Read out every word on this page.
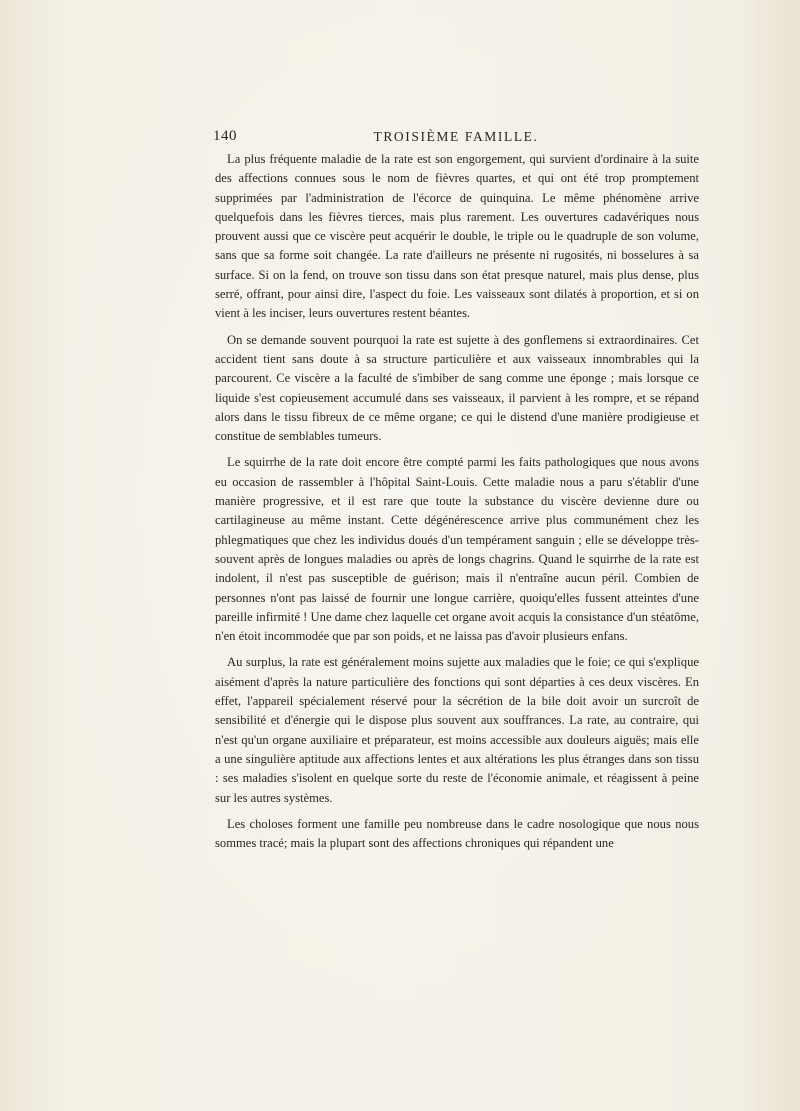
140	TROISIÈME FAMILLE.

La plus fréquente maladie de la rate est son engorgement, qui survient d'ordinaire à la suite des affections connues sous le nom de fièvres quartes, et qui ont été trop promptement supprimées par l'administration de l'écorce de quinquina. Le même phénomène arrive quelquefois dans les fièvres tierces, mais plus rarement. Les ouvertures cadavériques nous prouvent aussi que ce viscère peut acquérir le double, le triple ou le quadruple de son volume, sans que sa forme soit changée. La rate d'ailleurs ne présente ni rugosités, ni bosselures à sa surface. Si on la fend, on trouve son tissu dans son état presque naturel, mais plus dense, plus serré, offrant, pour ainsi dire, l'aspect du foie. Les vaisseaux sont dilatés à proportion, et si on vient à les inciser, leurs ouvertures restent béantes.

On se demande souvent pourquoi la rate est sujette à des gonflemens si extraordinaires. Cet accident tient sans doute à sa structure particulière et aux vaisseaux innombrables qui la parcourent. Ce viscère a la faculté de s'imbiber de sang comme une éponge ; mais lorsque ce liquide s'est copieusement accumulé dans ses vaisseaux, il parvient à les rompre, et se répand alors dans le tissu fibreux de ce même organe; ce qui le distend d'une manière prodigieuse et constitue de semblables tumeurs.

Le squirrhe de la rate doit encore être compté parmi les faits pathologiques que nous avons eu occasion de rassembler à l'hôpital Saint-Louis. Cette maladie nous a paru s'établir d'une manière progressive, et il est rare que toute la substance du viscère devienne dure ou cartilagineuse au même instant. Cette dégénérescence arrive plus communément chez les phlegmatiques que chez les individus doués d'un tempérament sanguin ; elle se développe très-souvent après de longues maladies ou après de longs chagrins. Quand le squirrhe de la rate est indolent, il n'est pas susceptible de guérison; mais il n'entraîne aucun péril. Combien de personnes n'ont pas laissé de fournir une longue carrière, quoiqu'elles fussent atteintes d'une pareille infirmité ! Une dame chez laquelle cet organe avoit acquis la consistance d'un stéatôme, n'en étoit incommodée que par son poids, et ne laissa pas d'avoir plusieurs enfans.

Au surplus, la rate est généralement moins sujette aux maladies que le foie; ce qui s'explique aisément d'après la nature particulière des fonctions qui sont départies à ces deux viscères. En effet, l'appareil spécialement réservé pour la sécrétion de la bile doit avoir un surcroît de sensibilité et d'énergie qui le dispose plus souvent aux souffrances. La rate, au contraire, qui n'est qu'un organe auxiliaire et préparateur, est moins accessible aux douleurs aiguës; mais elle a une singulière aptitude aux affections lentes et aux altérations les plus étranges dans son tissu : ses maladies s'isolent en quelque sorte du reste de l'économie animale, et réagissent à peine sur les autres systèmes.

Les choloses forment une famille peu nombreuse dans le cadre nosologique que nous nous sommes tracé; mais la plupart sont des affections chroniques qui répandent une
